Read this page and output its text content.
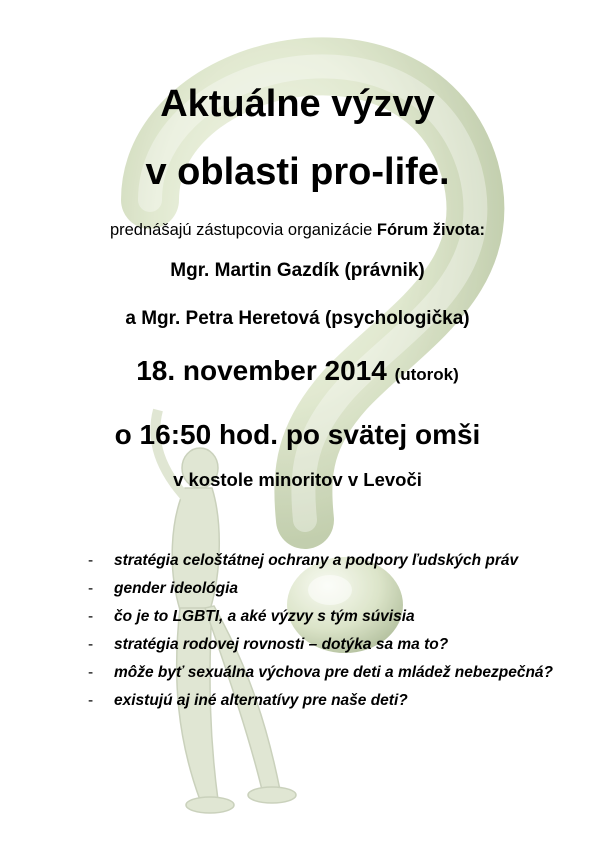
Aktuálne výzvy
v oblasti pro-life.
prednášajú zástupcovia organizácie Fórum života:
Mgr. Martin Gazdík (právnik)
a Mgr. Petra Heretová (psychologička)
18. november 2014 (utorok)
o 16:50 hod. po svätej omši
v kostole minoritov v Levoči
- stratégia celoštátnej ochrany a podpory ľudských práv
- gender ideológia
- čo je to LGBTI, a aké výzvy s tým súvisia
- stratégia rodovej rovnosti – dotýka sa ma to?
- môže byť sexuálna výchova pre deti a mládež nebezpečná?
- existujú aj iné alternatívy pre naše deti?
